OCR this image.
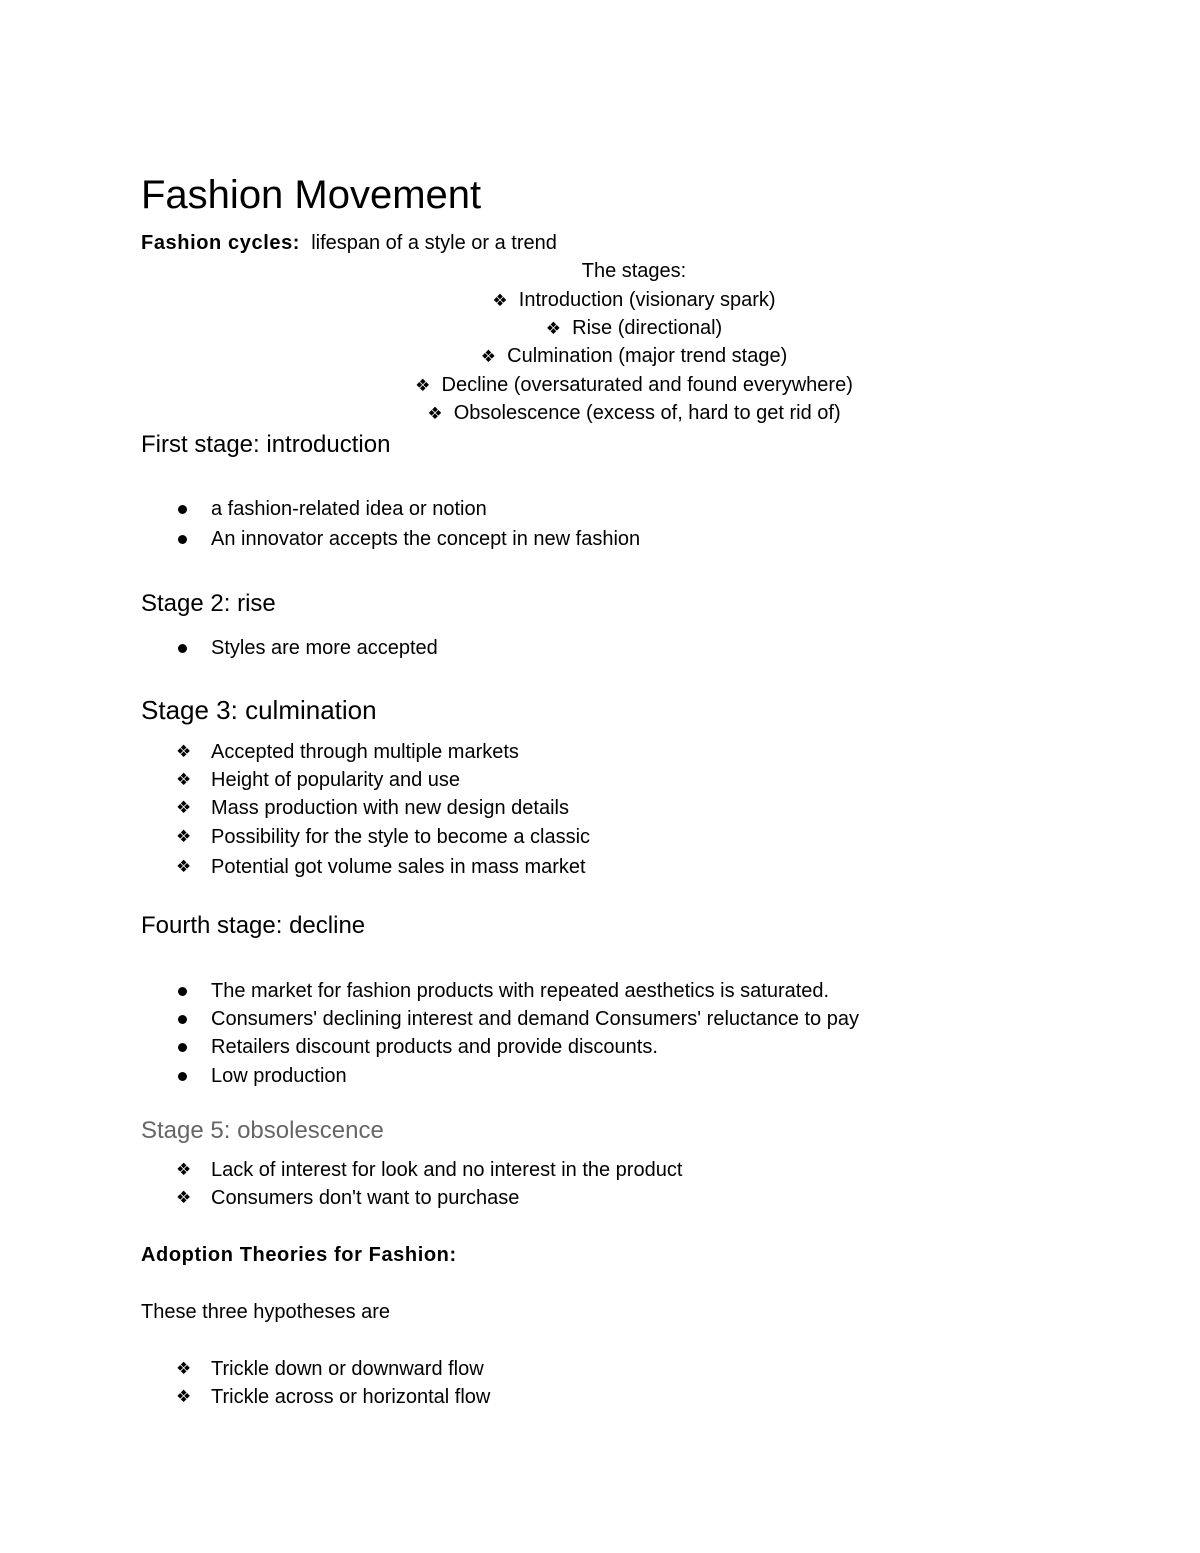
Fashion Movement
Fashion cycles: lifespan of a style or a trend
The stages:
❖ Introduction (visionary spark)
❖ Rise (directional)
❖ Culmination (major trend stage)
❖ Decline (oversaturated and found everywhere)
❖ Obsolescence (excess of, hard to get rid of)
First stage: introduction
a fashion-related idea or notion
An innovator accepts the concept in new fashion
Stage 2: rise
Styles are more accepted
Stage 3: culmination
❖ Accepted through multiple markets
❖ Height of popularity and use
❖ Mass production with new design details
❖ Possibility for the style to become a classic
❖ Potential got volume sales in mass market
Fourth stage: decline
The market for fashion products with repeated aesthetics is saturated.
Consumers' declining interest and demand Consumers' reluctance to pay
Retailers discount products and provide discounts.
Low production
Stage 5: obsolescence
❖ Lack of interest for look and no interest in the product
❖ Consumers don't want to purchase
Adoption Theories for Fashion:
These three hypotheses are
❖ Trickle down or downward flow
❖ Trickle across or horizontal flow
